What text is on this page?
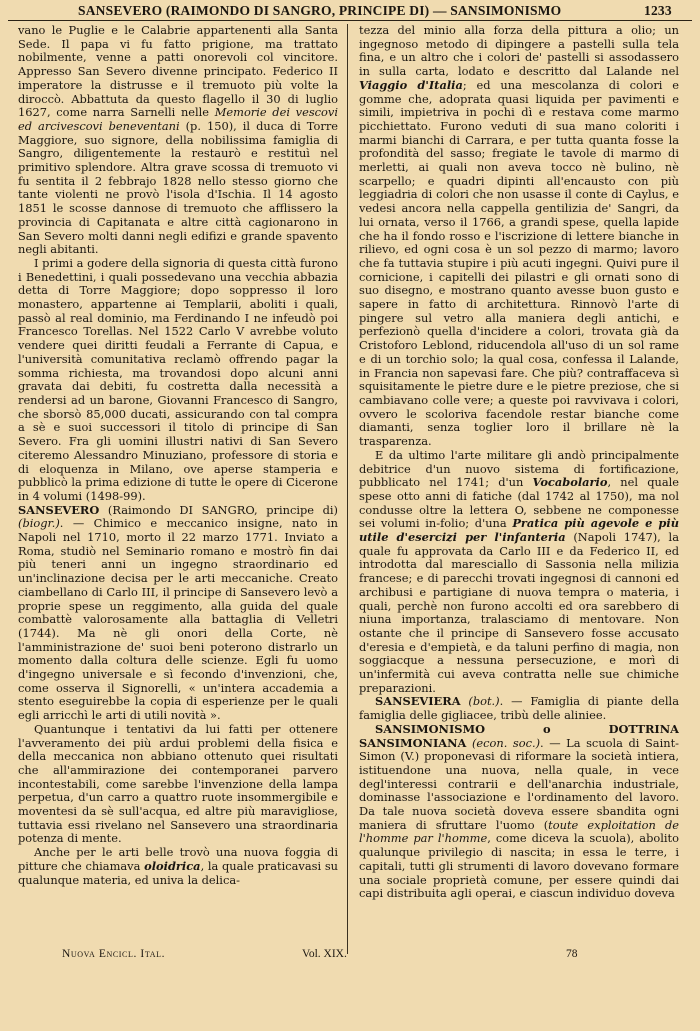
SANSEVERO (RAIMONDO DI SANGRO, PRINCIPE DI) — SANSIMONISMO	1233

vano le Puglie e le Calabrie appartenenti alla Santa Sede. Il papa vi fu fatto prigione, ma trattato nobilmente, venne a patti onorevoli col vincitore. Appresso San Severo divenne principato. Federico II imperatore la distrusse e il tremuoto più volte la diroccò. Abbattuta da questo flagello il 30 di luglio 1627, come narra Sarnelli nelle Memorie dei vescovi ed arcivescovi beneventani (p. 150), il duca di Torre Maggiore, suo signore, della nobilissima famiglia di Sangro, diligentemente la restaurò e restituì nel primitivo splendore. Altra grave scossa di tremuoto vi fu sentita il 2 febbrajo 1828 nello stesso giorno che tante violenti ne provò l'isola d'Ischia. Il 14 agosto 1851 le scosse dannose di tremuoto che afflissero la provincia di Capitanata e altre città cagionarono in San Severo molti danni negli edifizi e grande spavento negli abitanti.

I primi a godere della signoria di questa città furono i Benedettini, i quali possedevano una vecchia abbazia detta di Torre Maggiore; dopo soppresso il loro monastero, appartenne ai Templarii, aboliti i quali, passò al real dominio, ma Ferdinando I ne infeudò poi Francesco Torellas. Nel 1522 Carlo V avrebbe voluto vendere quei diritti feudali a Ferrante di Capua, e l'università comunitativa reclamò offrendo pagar la somma richiesta, ma trovandosi dopo alcuni anni gravata dai debiti, fu costretta dalla necessità a rendersi ad un barone, Giovanni Francesco di Sangro, che sborsò 85,000 ducati, assicurando con tal compra a sè e suoi successori il titolo di principe di San Severo. Fra gli uomini illustri nativi di San Severo citeremo Alessandro Minuziano, professore di storia e di eloquenza in Milano, ove aperse stamperia e pubblicò la prima edizione di tutte le opere di Cicerone in 4 volumi (1498-99).

SANSEVERO (Raimondo DI SANGRO, principe di) (biogr.). — Chimico e meccanico insigne, nato in Napoli nel 1710, morto il 22 marzo 1771. Inviato a Roma, studiò nel Seminario romano e mostrò fin dai più teneri anni un ingegno straordinario ed un'inclinazione decisa per le arti meccaniche. Creato ciambellano di Carlo III, il principe di Sansevero levò a proprie spese un reggimento, alla guida del quale combattè valorosamente alla battaglia di Velletri (1744). Ma nè gli onori della Corte, nè l'amministrazione de' suoi beni poterono distrarlo un momento dalla coltura delle scienze. Egli fu uomo d'ingegno universale e sì fecondo d'invenzioni, che, come osserva il Signorelli, « un'intera accademia a stento eseguirebbe la copia di esperienze per le quali egli arricchì le arti di utili novità ».

Quantunque i tentativi da lui fatti per ottenere l'avveramento dei più ardui problemi della fisica e della meccanica non abbiano ottenuto quei risultati che all'ammirazione dei contemporanei parvero incontestabili, come sarebbe l'invenzione della lampa perpetua, d'un carro a quattro ruote insommergibile e moventesi da sè sull'acqua, ed altre più maravigliose, tuttavia essi rivelano nel Sansevero una straordinaria potenza di mente.

Anche per le arti belle trovò una nuova foggia di pitture che chiamava oloidrica, la quale praticavasi su qualunque materia, ed univa la delica-

tezza del minio alla forza della pittura a olio; un ingegnoso metodo di dipingere a pastelli sulla tela fina, e un altro che i colori de' pastelli si assodassero in sulla carta, lodato e descritto dal Lalande nel Viaggio d'Italia; ed una mescolanza di colori e gomme che, adoprata quasi liquida per pavimenti e simili, impietriva in pochi dì e restava come marmo picchiettato. Furono veduti di sua mano coloriti i marmi bianchi di Carrara, e per tutta quanta fosse la profondità del sasso; fregiate le tavole di marmo di merletti, ai quali non aveva tocco nè bulino, nè scarpello; e quadri dipinti all'encausto con più leggiadria di colori che non usasse il conte di Caylus, e vedesi ancora nella cappella gentilizia de' Sangri, da lui ornata, verso il 1766, a grandi spese, quella lapide che ha il fondo rosso e l'iscrizione di lettere bianche in rilievo, ed ogni cosa è un sol pezzo di marmo; lavoro che fa tuttavia stupire i più acuti ingegni. Quivi pure il cornicione, i capitelli dei pilastri e gli ornati sono di suo disegno, e mostrano quanto avesse buon gusto e sapere in fatto di architettura. Rinnovò l'arte di pingere sul vetro alla maniera degli antichi, e perfezionò quella d'incidere a colori, trovata già da Cristoforo Leblond, riducendola all'uso di un sol rame e di un torchio solo; la qual cosa, confessa il Lalande, in Francia non sapevasi fare. Che più? contraffaceva sì squisitamente le pietre dure e le pietre preziose, che si cambiavano colle vere; a queste poi ravvivava i colori, ovvero le scoloriva facendole restar bianche come diamanti, senza toglier loro il brillare nè la trasparenza.

E da ultimo l'arte militare gli andò principalmente debitrice d'un nuovo sistema di fortificazione, pubblicato nel 1741; d'un Vocabolario, nel quale spese otto anni di fatiche (dal 1742 al 1750), ma nol condusse oltre la lettera O, sebbene ne componesse sei volumi in-folio; d'una Pratica più agevole e più utile d'esercizi per l'infanteria (Napoli 1747), la quale fu approvata da Carlo III e da Federico II, ed introdotta dal maresciallo di Sassonia nella milizia francese; e di parecchi trovati ingegnosi di cannoni ed archibusi e partigiane di nuova tempra o materia, i quali, perchè non furono accolti ed ora sarebbero di niuna importanza, tralasciamo di mentovare. Non ostante che il principe di Sansevero fosse accusato d'eresia e d'empietà, e da taluni perfino di magia, non soggiacque a nessuna persecuzione, e morì di un'infermità cui aveva contratta nelle sue chimiche preparazioni.

SANSEVIERA (bot.). — Famiglia di piante della famiglia delle gigliacee, tribù delle aliniee.

SANSIMONISMO o DOTTRINA SANSIMONIANA (econ. soc.). — La scuola di Saint-Simon (V.) proponevasi di riformare la società intiera, istituendone una nuova, nella quale, in vece degl'interessi contrarii e dell'anarchia industriale, dominasse l'associazione e l'ordinamento del lavoro. Da tale nuova società doveva essere sbandita ogni maniera di sfruttare l'uomo (toute exploitation de l'homme par l'homme, come diceva la scuola), abolito qualunque privilegio di nascita; in essa le terre, i capitali, tutti gli strumenti di lavoro dovevano formare una sociale proprietà comune, per essere quindi dai capi distribuita agli operai, e ciascun individuo doveva

Nuova Encicl. Ital.	Vol. XIX.	78
